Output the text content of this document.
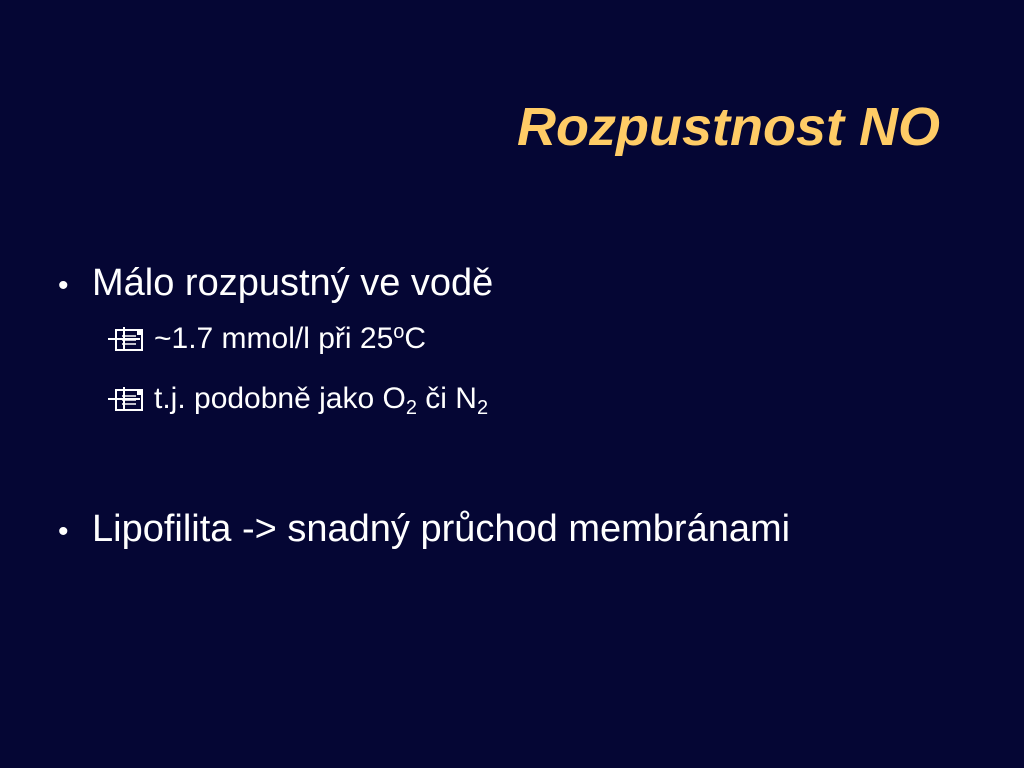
Rozpustnost NO
• Málo rozpustný ve vodě
~1.7 mmol/l při 25$^o$C
t.j. podobně jako $O_2$ či $N_2$
• Lipofilita -> snadný průchod membránami
